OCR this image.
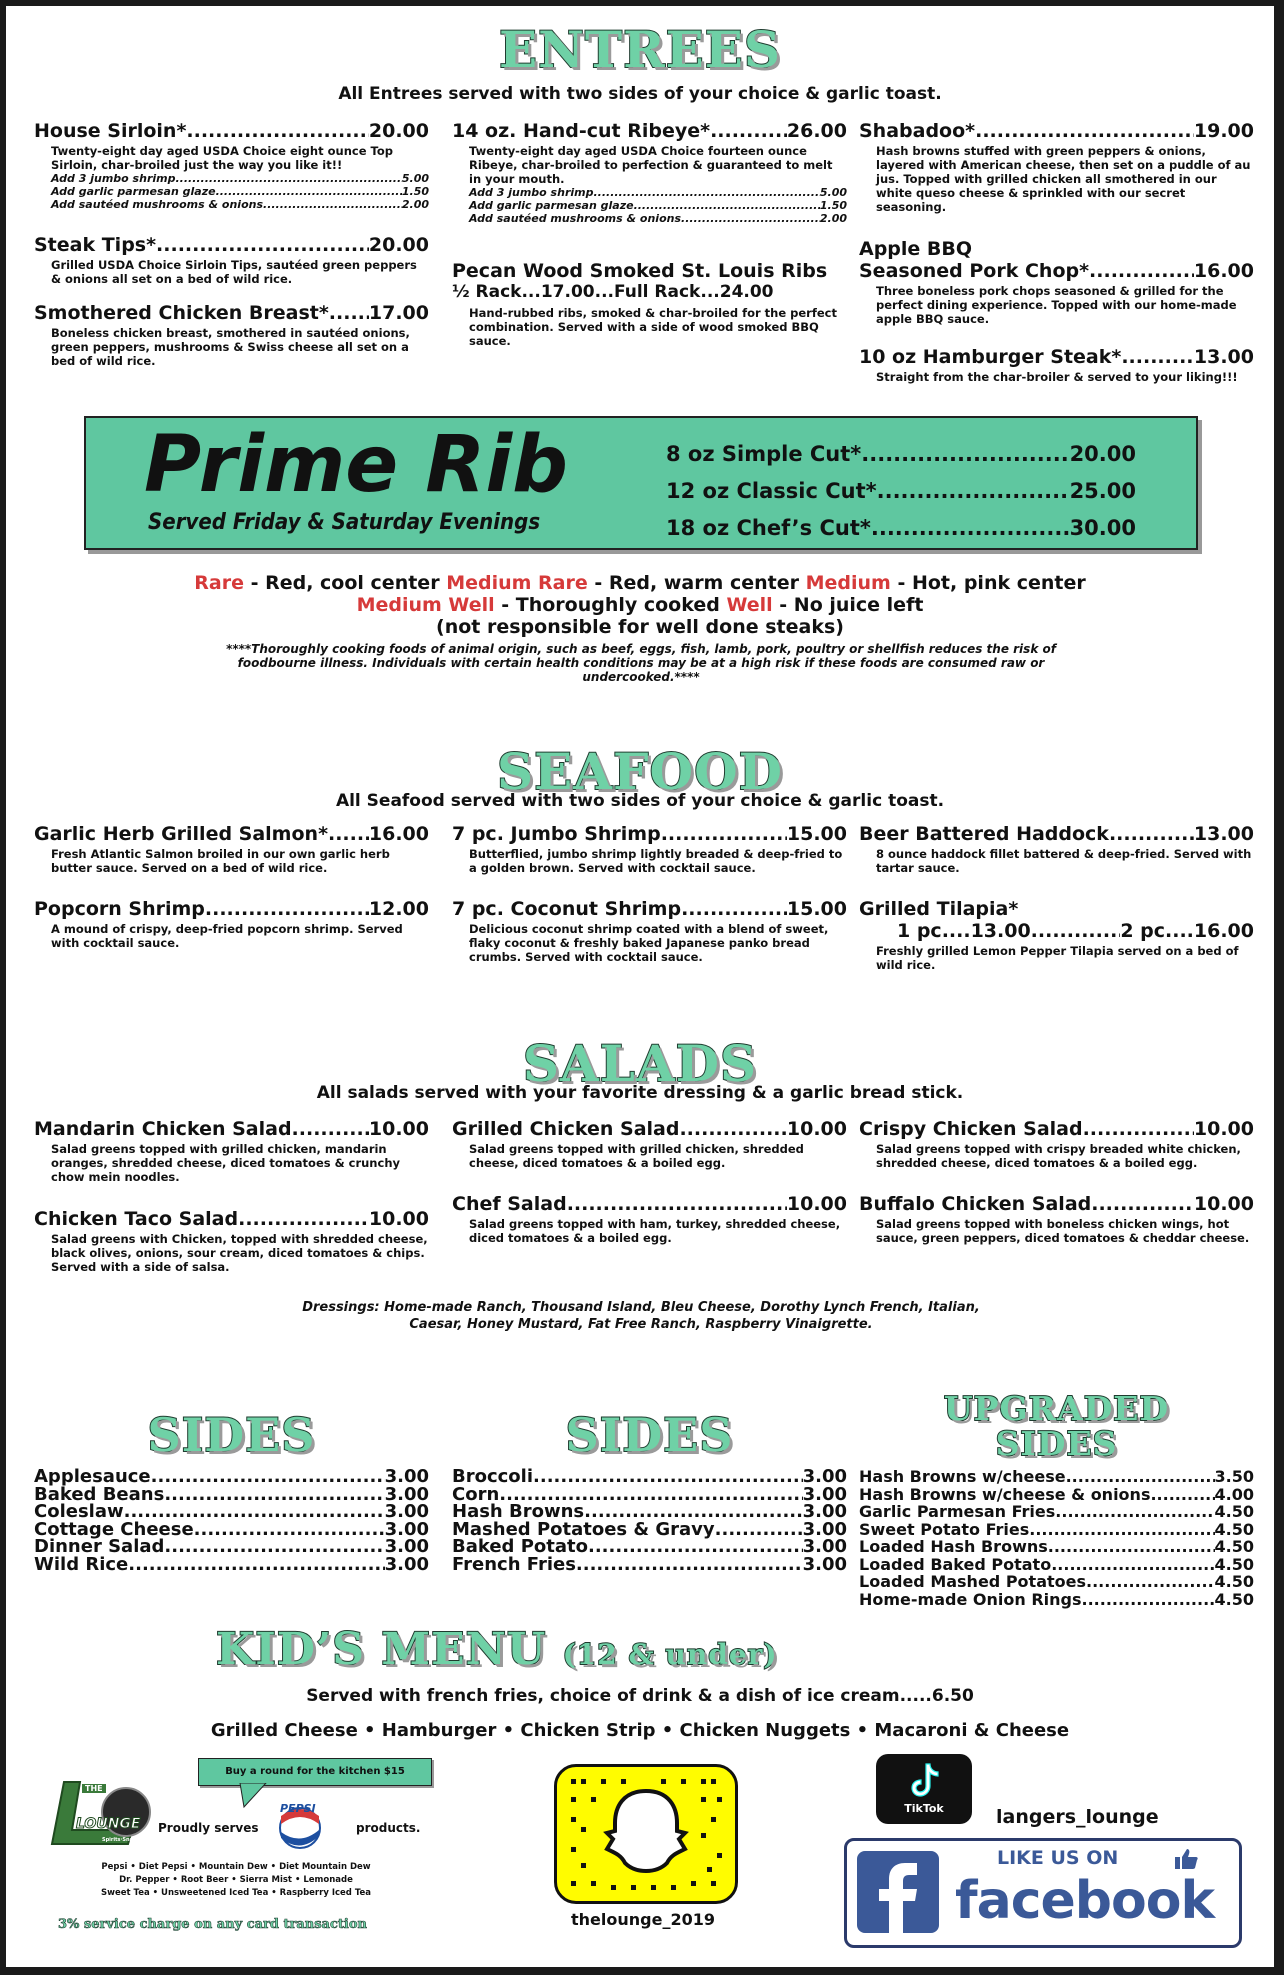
ENTREES
All Entrees served with two sides of your choice & garlic toast.
House Sirloin* .....	20.00
Twenty-eight day aged USDA Choice eight ounce Top Sirloin, char-broiled just the way you like it!!
Add 3 jumbo shrimp .....	5.00
Add garlic parmesan glaze .....	1.50
Add sautéed mushrooms & onions .....	2.00
Steak Tips* .....	20.00
Grilled USDA Choice Sirloin Tips, sautéed green peppers & onions all set on a bed of wild rice.
Smothered Chicken Breast* ..... 17.00
Boneless chicken breast, smothered in sautéed onions, green peppers, mushrooms & Swiss cheese all set on a bed of wild rice.
14 oz. Hand-cut Ribeye* .....	26.00
Twenty-eight day aged USDA Choice fourteen ounce Ribeye, char-broiled to perfection & guaranteed to melt in your mouth.
Add 3 jumbo shrimp .....	5.00
Add garlic parmesan glaze .....	1.50
Add sautéed mushrooms & onions .....	2.00
Pecan Wood Smoked St. Louis Ribs
½ Rack...17.00...Full Rack...24.00
Hand-rubbed ribs, smoked & char-broiled for the perfect combination. Served with a side of wood smoked BBQ sauce.
Shabadoo* .....	19.00
Hash browns stuffed with green peppers & onions, layered with American cheese, then set on a puddle of au jus. Topped with grilled chicken all smothered in our white queso cheese & sprinkled with our secret seasoning.
Apple BBQ
Seasoned Pork Chop* .....	16.00
Three boneless pork chops seasoned & grilled for the perfect dining experience. Topped with our home-made apple BBQ sauce.
10 oz Hamburger Steak* .....	13.00
Straight from the char-broiler & served to your liking!!!
Prime Rib
Served Friday & Saturday Evenings
8 oz Simple Cut* .....	20.00
12 oz Classic Cut* .....	25.00
18 oz Chef’s Cut* .....	30.00
Rare - Red, cool center Medium Rare - Red, warm center Medium - Hot, pink center
Medium Well - Thoroughly cooked Well - No juice left
(not responsible for well done steaks)
****Thoroughly cooking foods of animal origin, such as beef, eggs, fish, lamb, pork, poultry or shellfish reduces the risk of foodbourne illness. Individuals with certain health conditions may be at a high risk if these foods are consumed raw or undercooked.****
SEAFOOD
All Seafood served with two sides of your choice & garlic toast.
Garlic Herb Grilled Salmon* ..... 16.00
Fresh Atlantic Salmon broiled in our own garlic herb butter sauce. Served on a bed of wild rice.
Popcorn Shrimp .....	12.00
A mound of crispy, deep-fried popcorn shrimp. Served with cocktail sauce.
7 pc. Jumbo Shrimp .....	15.00
Butterflied, jumbo shrimp lightly breaded & deep-fried to a golden brown. Served with cocktail sauce.
7 pc. Coconut Shrimp .....	15.00
Delicious coconut shrimp coated with a blend of sweet, flaky coconut & freshly baked Japanese panko bread crumbs. Served with cocktail sauce.
Beer Battered Haddock .....	13.00
8 ounce haddock fillet battered & deep-fried. Served with tartar sauce.
Grilled Tilapia*
1 pc....13.00 .....	2 pc....16.00
Freshly grilled Lemon Pepper Tilapia served on a bed of wild rice.
SALADS
All salads served with your favorite dressing & a garlic bread stick.
Mandarin Chicken Salad .....	10.00
Salad greens topped with grilled chicken, mandarin oranges, shredded cheese, diced tomatoes & crunchy chow mein noodles.
Chicken Taco Salad .....	10.00
Salad greens with Chicken, topped with shredded cheese, black olives, onions, sour cream, diced tomatoes & chips. Served with a side of salsa.
Grilled Chicken Salad .....	10.00
Salad greens topped with grilled chicken, shredded cheese, diced tomatoes & a boiled egg.
Chef Salad .....	10.00
Salad greens topped with ham, turkey, shredded cheese, diced tomatoes & a boiled egg.
Crispy Chicken Salad .....	10.00
Salad greens topped with crispy breaded white chicken, shredded cheese, diced tomatoes & a boiled egg.
Buffalo Chicken Salad .....	10.00
Salad greens topped with boneless chicken wings, hot sauce, green peppers, diced tomatoes & cheddar cheese.
Dressings: Home-made Ranch, Thousand Island, Bleu Cheese, Dorothy Lynch French, Italian, Caesar, Honey Mustard, Fat Free Ranch, Raspberry Vinaigrette.
SIDES	SIDES	UPGRADED
SIDES
Applesauce .....	3.00
Baked Beans .....	3.00
Coleslaw .....	3.00
Cottage Cheese .....	3.00
Dinner Salad .....	3.00
Wild Rice .....	3.00
Broccoli .....	3.00
Corn .....	3.00
Hash Browns .....	3.00
Mashed Potatoes & Gravy .....	3.00
Baked Potato .....	3.00
French Fries .....	3.00
Hash Browns w/cheese .....	3.50
Hash Browns w/cheese & onions .....	4.00
Garlic Parmesan Fries .....	4.50
Sweet Potato Fries .....	4.50
Loaded Hash Browns .....	4.50
Loaded Baked Potato .....	4.50
Loaded Mashed Potatoes .....	4.50
Home-made Onion Rings .....	4.50
KID’S MENU (12 & under)
Served with french fries, choice of drink & a dish of ice cream.....6.50
Grilled Cheese • Hamburger • Chicken Strip • Chicken Nuggets • Macaroni & Cheese
Buy a round for the kitchen $15
THE
LOUNGE
Spirits·Snacks·Games
Proudly serves
PEPSI
products.
Pepsi • Diet Pepsi • Mountain Dew • Diet Mountain Dew
Dr. Pepper • Root Beer • Sierra Mist • Lemonade
Sweet Tea • Unsweetened Iced Tea • Raspberry Iced Tea
3% service charge on any card transaction	thelounge_2019
TikTok	langers_lounge
LIKE US ON
facebook
